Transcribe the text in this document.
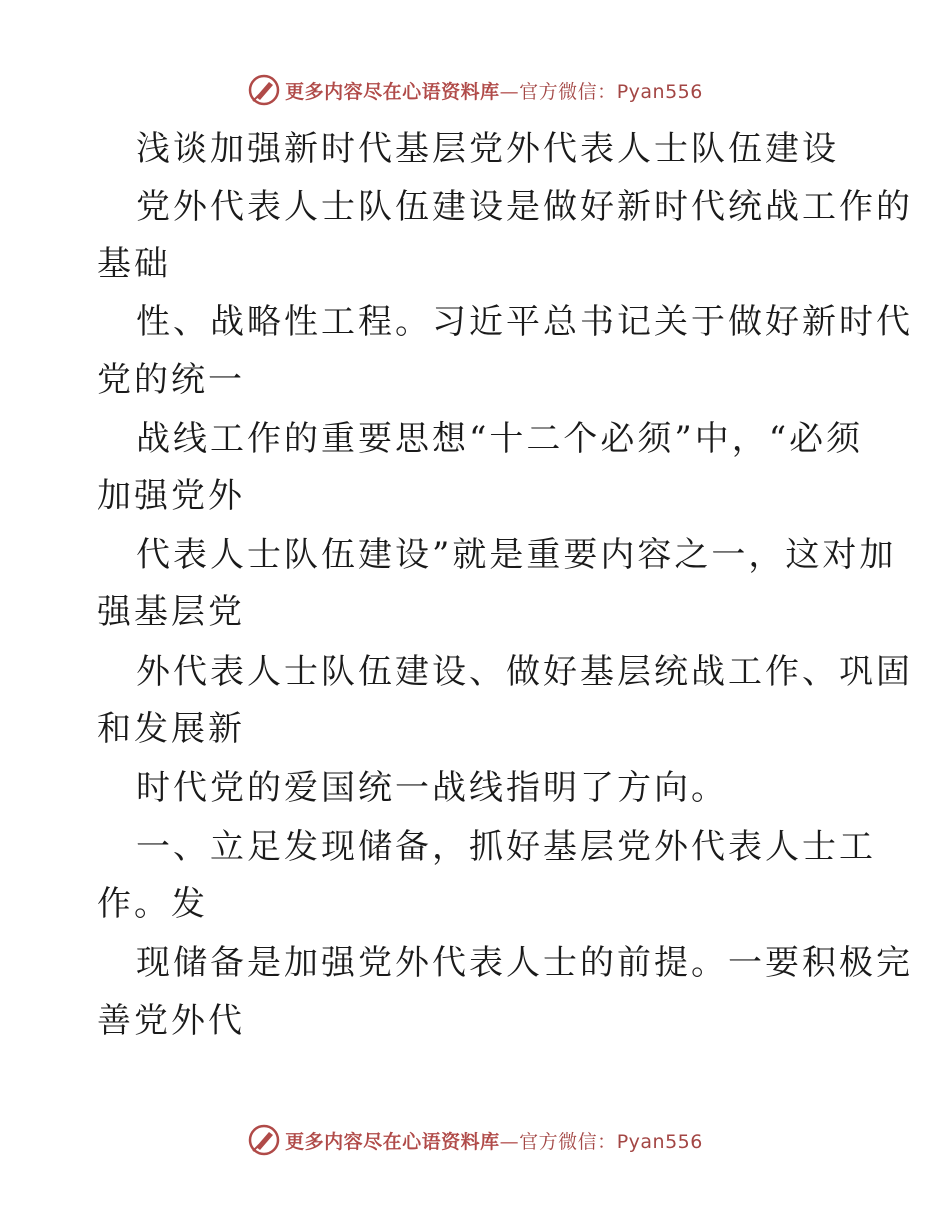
更多内容尽在心语资料库—官方微信：Pyan556
浅谈加强新时代基层党外代表人士队伍建设
党外代表人士队伍建设是做好新时代统战工作的
基础
性、战略性工程。习近平总书记关于做好新时代
党的统一
战线工作的重要思想“十二个必须”中，“必须
加强党外
代表人士队伍建设”就是重要内容之一，这对加
强基层党
外代表人士队伍建设、做好基层统战工作、巩固
和发展新
时代党的爱国统一战线指明了方向。
一、立足发现储备，抓好基层党外代表人士工
作。发
现储备是加强党外代表人士的前提。一要积极完
善党外代
更多内容尽在心语资料库—官方微信：Pyan556
